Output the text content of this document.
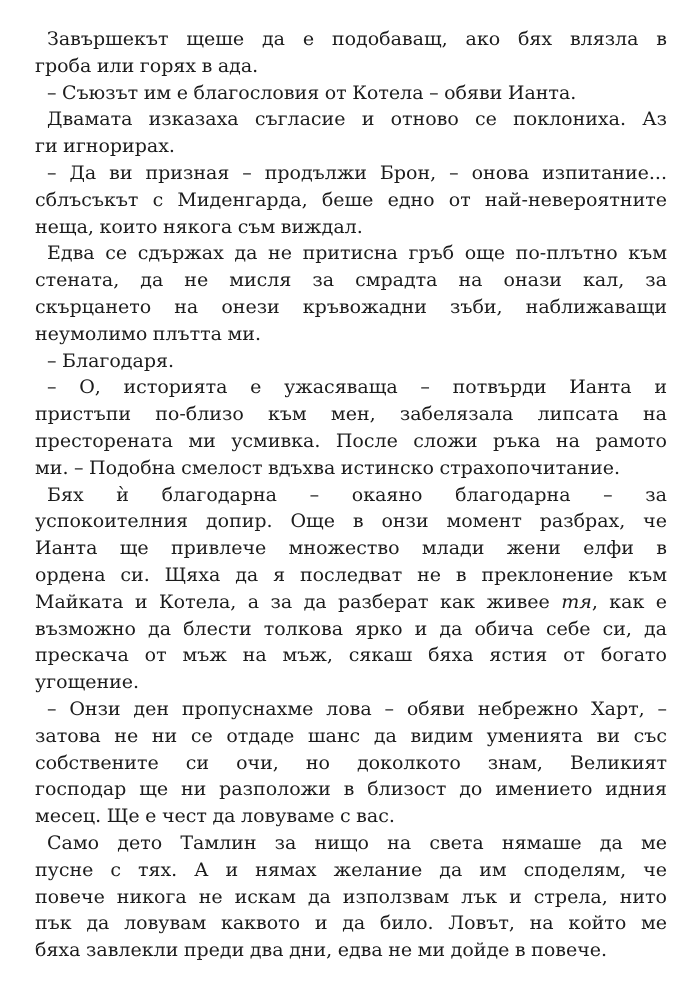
Завършекът щеше да е подобаващ, ако бях влязла в
гроба или горях в ада.
– Съюзът им е благословия от Котела – обяви Ианта.
Двамата изказаха съгласие и отново се поклониха. Аз
ги игнорирах.
– Да ви призная – продължи Брон, – онова изпитание...
сблъсъкът с Миденгарда, беше едно от най-невероятните
неща, които някога съм виждал.
Едва се сдържах да не притисна гръб още по-плътно към
стената, да не мисля за смрадта на онази кал, за
скърцането на онези кръвожадни зъби, наближаващи
неумолимо плътта ми.
– Благодаря.
– О, историята е ужасяваща – потвърди Ианта и
пристъпи по-близо към мен, забелязала липсата на
престорената ми усмивка. После сложи ръка на рамото
ми. – Подобна смелост вдъхва истинско страхопочитание.
Бях ѝ благодарна – окаяно благодарна – за
успокоителния допир. Още в онзи момент разбрах, че
Ианта ще привлече множество млади жени елфи в
ордена си. Щяха да я последват не в преклонение към
Майката и Котела, а за да разберат как живее тя, как е
възможно да блести толкова ярко и да обича себе си, да
прескача от мъж на мъж, сякаш бяха ястия от богато
угощение.
– Онзи ден пропуснахме лова – обяви небрежно Харт, –
затова не ни се отдаде шанс да видим уменията ви със
собствените си очи, но доколкото знам, Великият
господар ще ни разположи в близост до имението идния
месец. Ще е чест да ловуваме с вас.
Само дето Тамлин за нищо на света нямаше да ме
пусне с тях. А и нямах желание да им споделям, че
повече никога не искам да използвам лък и стрела, нито
пък да ловувам каквото и да било. Ловът, на който ме
бяха завлекли преди два дни, едва не ми дойде в повече.
